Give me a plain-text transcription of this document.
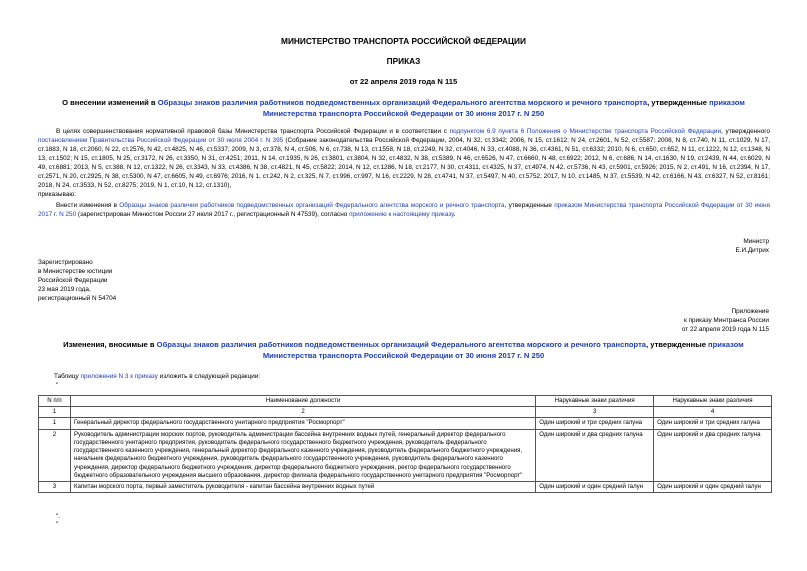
МИНИСТЕРСТВО ТРАНСПОРТА РОССИЙСКОЙ ФЕДЕРАЦИИ
ПРИКАЗ
от 22 апреля 2019 года N 115
О внесении изменений в Образцы знаков различия работников подведомственных организаций Федерального агентства морского и речного транспорта, утвержденные приказом Министерства транспорта Российской Федерации от 30 июня 2017 г. N 250

В целях совершенствования нормативной правовой базы Министерства транспорта Российской Федерации и в соответствии с подпунктом 6.9 пункта 6 Положения о Министерстве транспорта Российской Федерации, утвержденного постановлением Правительства Российской Федерации от 30 июля 2004 г. N 395 (Собрание законодательства Российской Федерации, 2004, N 32, ст.3342; 2006, N 15, ст.1612; N 24, ст.2601, N 52, ст.5587; 2008, N 8, ст.740, N 11, ст.1029, N 17, ст.1883, N 18, ст.2060, N 22, ст.2576, N 42, ст.4825, N 46, ст.5337; 2009, N 3, ст.378, N 4, ст.506, N 6, ст.738, N 13, ст.1558, N 18, ст.2249, N 32, ст.4046, N 33, ст.4088, N 36, ст.4361, N 51, ст.6332; 2010, N 6, ст.650, ст.652, N 11, ст.1222, N 12, ст.1348, N 13, ст.1502; N 15, ст.1805, N 25, ст.3172, N 26, ст.3350, N 31, ст.4251; 2011, N 14, ст.1935, N 26, ст.3801, ст.3804, N 32, ст.4832, N 38, ст.5389, N 46, ст.6526, N 47, ст.6660, N 48, ст.6922; 2012, N 6, ст.686, N 14, ст.1630, N 19, ст.2439, N 44, ст.6029, N 49, ст.6881; 2013, N 5, ст.388, N 12, ст.1322, N 26, ст.3343, N 33, ст.4386, N 38, ст.4821, N 45, ст.5822; 2014, N 12, ст.1286, N 18, ст.2177, N 30, ст.4311, ст.4325, N 37, ст.4974, N 42, ст.5736, N 43, ст.5901, ст.5926; 2015, N 2, ст.491, N 16, ст.2394, N 17, ст.2571, N 20, ст.2925, N 38, ст.5300, N 47, ст.6605, N 49, ст.6976; 2016, N 1, ст.242, N 2, ст.325, N 7, ст.996, ст.997, N 16, ст.2229, N 28, ст.4741, N 37, ст.5497, N 40, ст.5752; 2017, N 10, ст.1485, N 37, ст.5539, N 42, ст.6166, N 43, ст.6327, N 52, ст.8161; 2018, N 24, ст.3533, N 52, ст.8275; 2019, N 1, ст.10, N 12, ст.1310),
приказываю:

Внести изменения в Образцы знаков различия работников подведомственных организаций Федерального агентства морского и речного транспорта, утвержденные приказом Министерства транспорта Российской Федерации от 30 июня 2017 г. N 250 (зарегистрирован Минюстом России 27 июля 2017 г., регистрационный N 47539), согласно приложению к настоящему приказу.

Министр
Е.И.Дитрих
Зарегистрировано
в Министерстве юстиции
Российской Федерации
23 мая 2019 года,
регистрационный N 54704
Приложение
к приказу Минтранса России
от 22 апреля 2019 года N 115
Изменения, вносимые в Образцы знаков различия работников подведомственных организаций Федерального агентства морского и речного транспорта, утвержденные приказом Министерства транспорта Российской Федерации от 30 июня 2017 г. N 250
Таблицу приложения N 3 к приказу изложить в следующей редакции:
"
N п/п	Наименование должности	Нарукавные знаки различия	Нарукавные знаки различия
1	2	3	4
1	Генеральный директор федерального государственного унитарного предприятия "Росморпорт"	Один широкий и три средних галуна	Один широкий и три средних галуна
2	Руководитель администрации морских портов, руководитель администрации бассейна внутренних водных путей, генеральный директор федерального государственного унитарного предприятия, руководитель федерального государственного бюджетного учреждения, руководитель федерального государственного казенного учреждения, генеральный директор федерального казенного учреждения, руководитель федерального бюджетного учреждения, начальник федерального бюджетного учреждения, руководитель федерального государственного учреждения, руководитель федерального казенного учреждения, директор федерального бюджетного учреждения, директор федерального бюджетного учреждения, ректор федерального государственного бюджетного образовательного учреждения высшего образования, директор филиала федерального государственного унитарного предприятия "Росморпорт"	Один широкий и два средних галуна	Один широкий и два средних галуна
3	Капитан морского порта, первый заместитель руководителя - капитан бассейна внутренних водных путей	Один широкий и один средний галун	Один широкий и один средний галун
".
"
